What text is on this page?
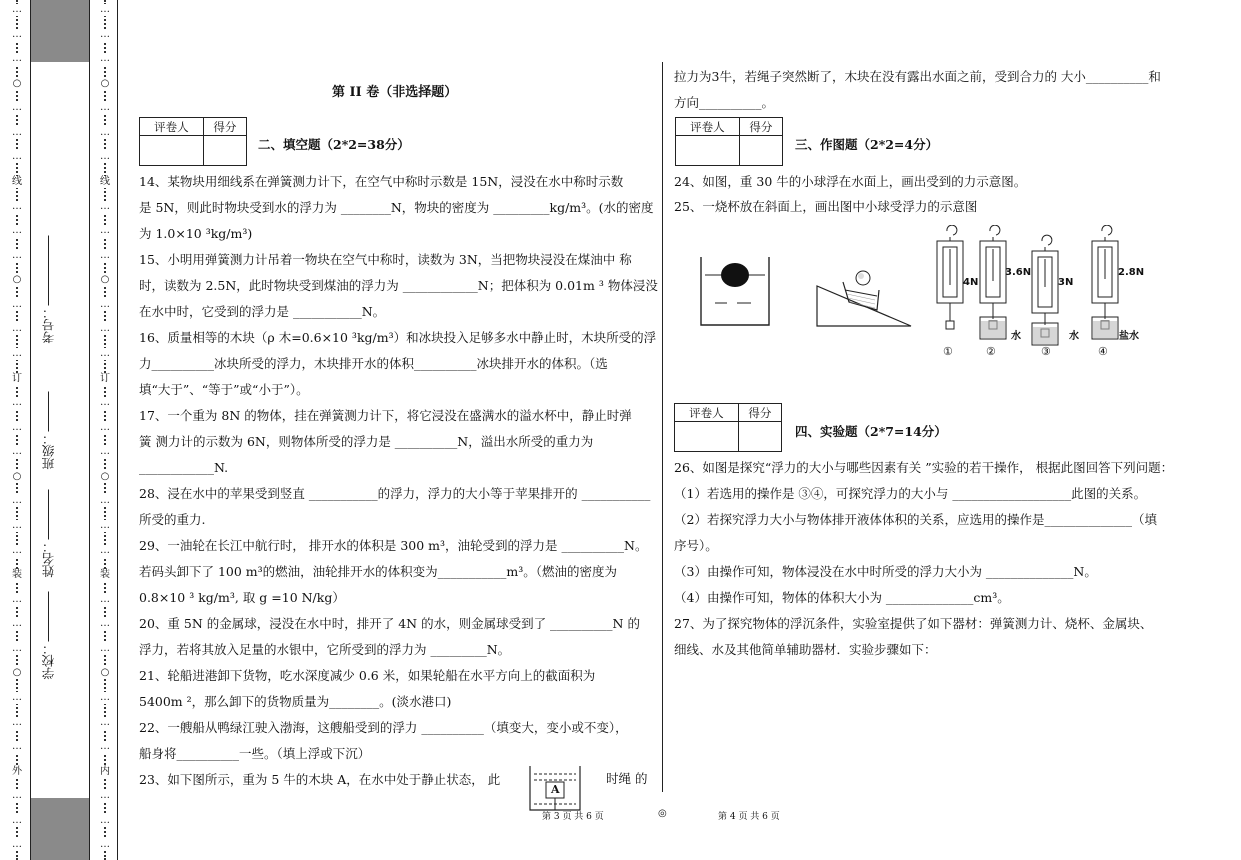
…
…
…
○
…
…
…
线
…
…
…
○
…
…
…
订
…
…
…
○
…
…
…
装
…
…
…
○
…
…
…
外
…
…
…
…
…
…
○
…
…
…
线
…
…
…
○
…
…
…
订
…
…
…
○
…
…
…
装
…
…
…
○
…
…
…
内
…
…
…
考号：
班级：
姓名：
学校：
第 II 卷（非选择题）
评卷人	得分

二、填空题（2*2=38分）
14、某物块用细线系在弹簧测力计下，在空气中称时示数是 15N，浸没在水中称时示数
是 5N，则此时物块受到水的浮力为 ________N，物块的密度为 _________kg/m³。(水的密度
为 1.0×10 ³kg/m³)
15、小明用弹簧测力计吊着一物块在空气中称时，读数为 3N，当把物块浸没在煤油中 称
时，读数为 2.5N，此时物块受到煤油的浮力为 ____________N；把体积为 0.01m ³ 物体浸没
在水中时，它受到的浮力是 ___________N。
16、质量相等的木块（ρ 木=0.6×10 ³kg/m³）和冰块投入足够多水中静止时，木块所受的浮
力__________冰块所受的浮力，木块排开水的体积__________冰块排开水的体积。（选
填“大于”、“等于”或“小于”）。
17、一个重为 8N 的物体，挂在弹簧测力计下，将它浸没在盛满水的溢水杯中，静止时弹
簧 测力计的示数为 6N，则物体所受的浮力是 __________N，溢出水所受的重力为
____________N.
28、浸在水中的苹果受到竖直 ___________的浮力，浮力的大小等于苹果排开的 ___________
所受的重力.
29、一油轮在长江中航行时， 排开水的体积是 300 m³，油轮受到的浮力是 __________N。
若码头卸下了 100 m³的燃油，油轮排开水的体积变为___________m³。（燃油的密度为
0.8×10 ³ kg/m³, 取 g =10 N/kg）
20、重 5N 的金属球，浸没在水中时，排开了 4N 的水，则金属球受到了 __________N 的
浮力，若将其放入足量的水银中，它所受到的浮力为 _________N。
21、轮船进港卸下货物，吃水深度减少 0.6 米，如果轮船在水平方向上的截面积为
5400m ²，那么卸下的货物质量为________。(淡水港口)
22、一艘船从鸭绿江驶入渤海，这艘船受到的浮力 __________（填变大，变小或不变），
船身将__________一些。（填上浮或下沉）
23、如下图所示，重为 5 牛的木块 A，在水中处于静止状态， 此
A
时绳 的
拉力为3牛，若绳子突然断了，木块在没有露出水面之前，受到合力的 大小__________和
方向__________。
评卷人	得分

三、作图题（2*2=4分）
24、如图，重 30 牛的小球浮在水面上，画出受到的力示意图。
25、一烧杯放在斜面上，画出图中小球受浮力的示意图
4N
3.6N
3N
2.8N
水	水	盐水
①	②	③	④
评卷人	得分

四、实验题（2*7=14分）
26、如图是探究“浮力的大小与哪些因素有关 ”实验的若干操作， 根据此图回答下列问题：
（1）若选用的操作是 ③④，可探究浮力的大小与 ___________________此图的关系。
（2）若探究浮力大小与物体排开液体体积的关系，应选用的操作是______________（填
序号）。
（3）由操作可知，物体浸没在水中时所受的浮力大小为 ______________N。
（4）由操作可知，物体的体积大小为 ______________cm³。
27、为了探究物体的浮沉条件，实验室提供了如下器材：弹簧测力计、烧杯、金属块、
细线、水及其他简单辅助器材．实验步骤如下：
第 3 页 共 6 页	◎	第 4 页 共 6 页
